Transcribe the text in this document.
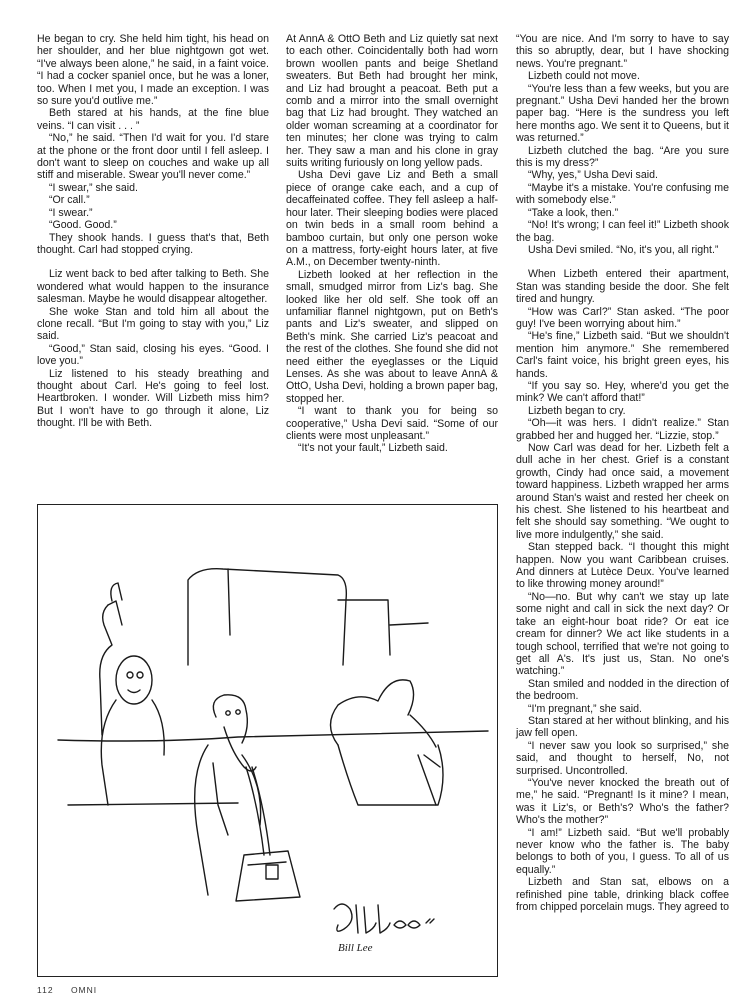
He began to cry. She held him tight, his head on her shoulder, and her blue nightgown got wet. “I've always been alone,” he said, in a faint voice. “I had a cocker spaniel once, but he was a loner, too. When I met you, I made an exception. I was so sure you'd outlive me.”

Beth stared at his hands, at the fine blue veins. “I can visit . . . ”

“No,” he said. “Then I'd wait for you. I'd stare at the phone or the front door until I fell asleep. I don't want to sleep on couches and wake up all stiff and miserable. Swear you'll never come.”

“I swear,” she said.

“Or call.”

“I swear.”

“Good. Good.”

They shook hands. I guess that's that, Beth thought. Carl had stopped crying.

Liz went back to bed after talking to Beth. She wondered what would happen to the insurance salesman. Maybe he would disappear altogether.

She woke Stan and told him all about the clone recall. “But I'm going to stay with you,” Liz said.

“Good,” Stan said, closing his eyes. “Good. I love you.”

Liz listened to his steady breathing and thought about Carl. He's going to feel lost. Heartbroken. I wonder. Will Lizbeth miss him? But I won't have to go through it alone, Liz thought. I'll be with Beth.

At AnnA & OttO Beth and Liz quietly sat next to each other. Coincidentally both had worn brown woollen pants and beige Shetland sweaters. But Beth had brought her mink, and Liz had brought a peacoat. Beth put a comb and a mirror into the small overnight bag that Liz had brought. They watched an older woman screaming at a coordinator for ten minutes; her clone was trying to calm her. They saw a man and his clone in gray suits writing furiously on long yellow pads.

Usha Devi gave Liz and Beth a small piece of orange cake each, and a cup of decaffeinated coffee. They fell asleep a half-hour later. Their sleeping bodies were placed on twin beds in a small room behind a bamboo curtain, but only one person woke on a mattress, forty-eight hours later, at five A.M., on December twenty-ninth.

Lizbeth looked at her reflection in the small, smudged mirror from Liz's bag. She looked like her old self. She took off an unfamiliar flannel nightgown, put on Beth's pants and Liz's sweater, and slipped on Beth's mink. She carried Liz's peacoat and the rest of the clothes. She found she did not need either the eyeglasses or the Liquid Lenses. As she was about to leave AnnA & OttO, Usha Devi, holding a brown paper bag, stopped her.

“I want to thank you for being so cooperative,” Usha Devi said. “Some of our clients were most unpleasant.”

“It's not your fault,” Lizbeth said.

“You are nice. And I'm sorry to have to say this so abruptly, dear, but I have shocking news. You're pregnant.”

Lizbeth could not move.

“You're less than a few weeks, but you are pregnant.” Usha Devi handed her the brown paper bag. “Here is the sundress you left here months ago. We sent it to Queens, but it was returned.”

Lizbeth clutched the bag. “Are you sure this is my dress?”

“Why, yes,” Usha Devi said.

“Maybe it's a mistake. You're confusing me with somebody else.”

“Take a look, then.”

“No! It's wrong; I can feel it!” Lizbeth shook the bag.

Usha Devi smiled. “No, it's you, all right.”

When Lizbeth entered their apartment, Stan was standing beside the door. She felt tired and hungry.

“How was Carl?” Stan asked. “The poor guy! I've been worrying about him.”

“He's fine,” Lizbeth said. “But we shouldn't mention him anymore.” She remembered Carl's faint voice, his bright green eyes, his hands.

“If you say so. Hey, where'd you get the mink? We can't afford that!”

Lizbeth began to cry.

“Oh—it was hers. I didn't realize.” Stan grabbed her and hugged her. “Lizzie, stop.”

Now Carl was dead for her. Lizbeth felt a dull ache in her chest. Grief is a constant growth, Cindy had once said, a movement toward happiness. Lizbeth wrapped her arms around Stan's waist and rested her cheek on his chest. She listened to his heartbeat and felt she should say something. “We ought to live more indulgently,” she said.

Stan stepped back. “I thought this might happen. Now you want Caribbean cruises. And dinners at Lutèce Deux. You've learned to like throwing money around!”

“No—no. But why can't we stay up late some night and call in sick the next day? Or take an eight-hour boat ride? Or eat ice cream for dinner? We act like students in a tough school, terrified that we're not going to get all A's. It's just us, Stan. No one's watching.”

Stan smiled and nodded in the direction of the bedroom.

“I'm pregnant,” she said.

Stan stared at her without blinking, and his jaw fell open.

“I never saw you look so surprised,” she said, and thought to herself, No, not surprised. Uncontrolled.

“You've never knocked the breath out of me,” he said. “Pregnant! Is it mine? I mean, was it Liz's, or Beth's? Who's the father? Who's the mother?”

“I am!” Lizbeth said. “But we'll probably never know who the father is. The baby belongs to both of you, I guess. To all of us equally.”

Lizbeth and Stan sat, elbows on a refinished pine table, drinking black coffee from chipped porcelain mugs. They agreed to

Bill Lee
112 OMNI
